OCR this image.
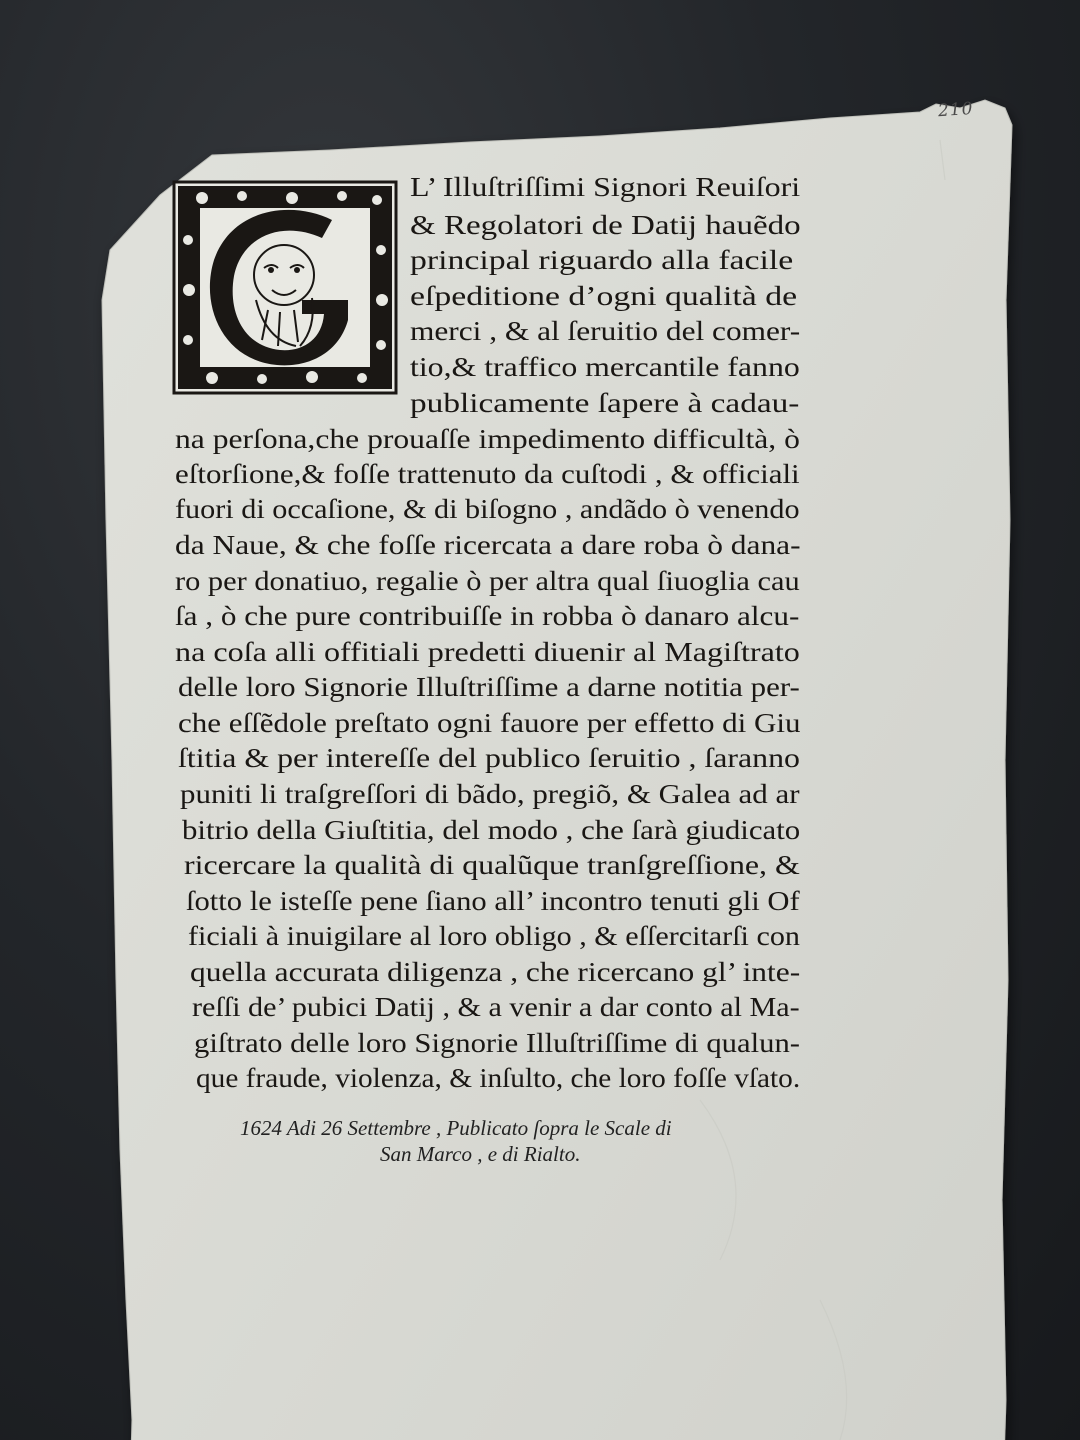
210
L’ Illuſtriſſimi Signori Reuiſori
& Regolatori de Datij hauẽdo
principal riguardo alla facile
eſpeditione d’ogni qualità de
merci , & al ſeruitio del comer-
tio,& traffico mercantile fanno
publicamente ſapere à cadau-
na perſona,che prouaſſe impedimento difficultà, ò
eſtorſione,& foſſe trattenuto da cuſtodi , & officiali
fuori di occaſione, & di biſogno , andãdo ò venendo
da Naue, & che foſſe ricercata a dare roba ò dana-
ro per donatiuo, regalie ò per altra qual ſiuoglia cau
ſa , ò che pure contribuiſſe in robba ò danaro alcu-
na coſa alli offitiali predetti diuenir al Magiſtrato
delle loro Signorie Illuſtriſſime a darne notitia per-
che eſſẽdole preſtato ogni fauore per effetto di Giu
ſtitia & per intereſſe del publico ſeruitio , ſaranno
puniti li traſgreſſori di bãdo, pregiõ, & Galea ad ar
bitrio della Giuſtitia, del modo , che ſarà giudicato
ricercare la qualità di qualũque tranſgreſſione, &
ſotto le isteſſe pene ſiano all’ incontro tenuti gli Of
ficiali à inuigilare al loro obligo , & eſſercitarſi con
quella accurata diligenza , che ricercano gl’ inte-
reſſi de’ pubici Datij , & a venir a dar conto al Ma-
giſtrato delle loro Signorie Illuſtriſſime di qualun-
que fraude, violenza, & inſulto, che loro foſſe vſato.
1624 Adi 26 Settembre , Publicato ſopra le Scale di
San Marco , e di Rialto.
